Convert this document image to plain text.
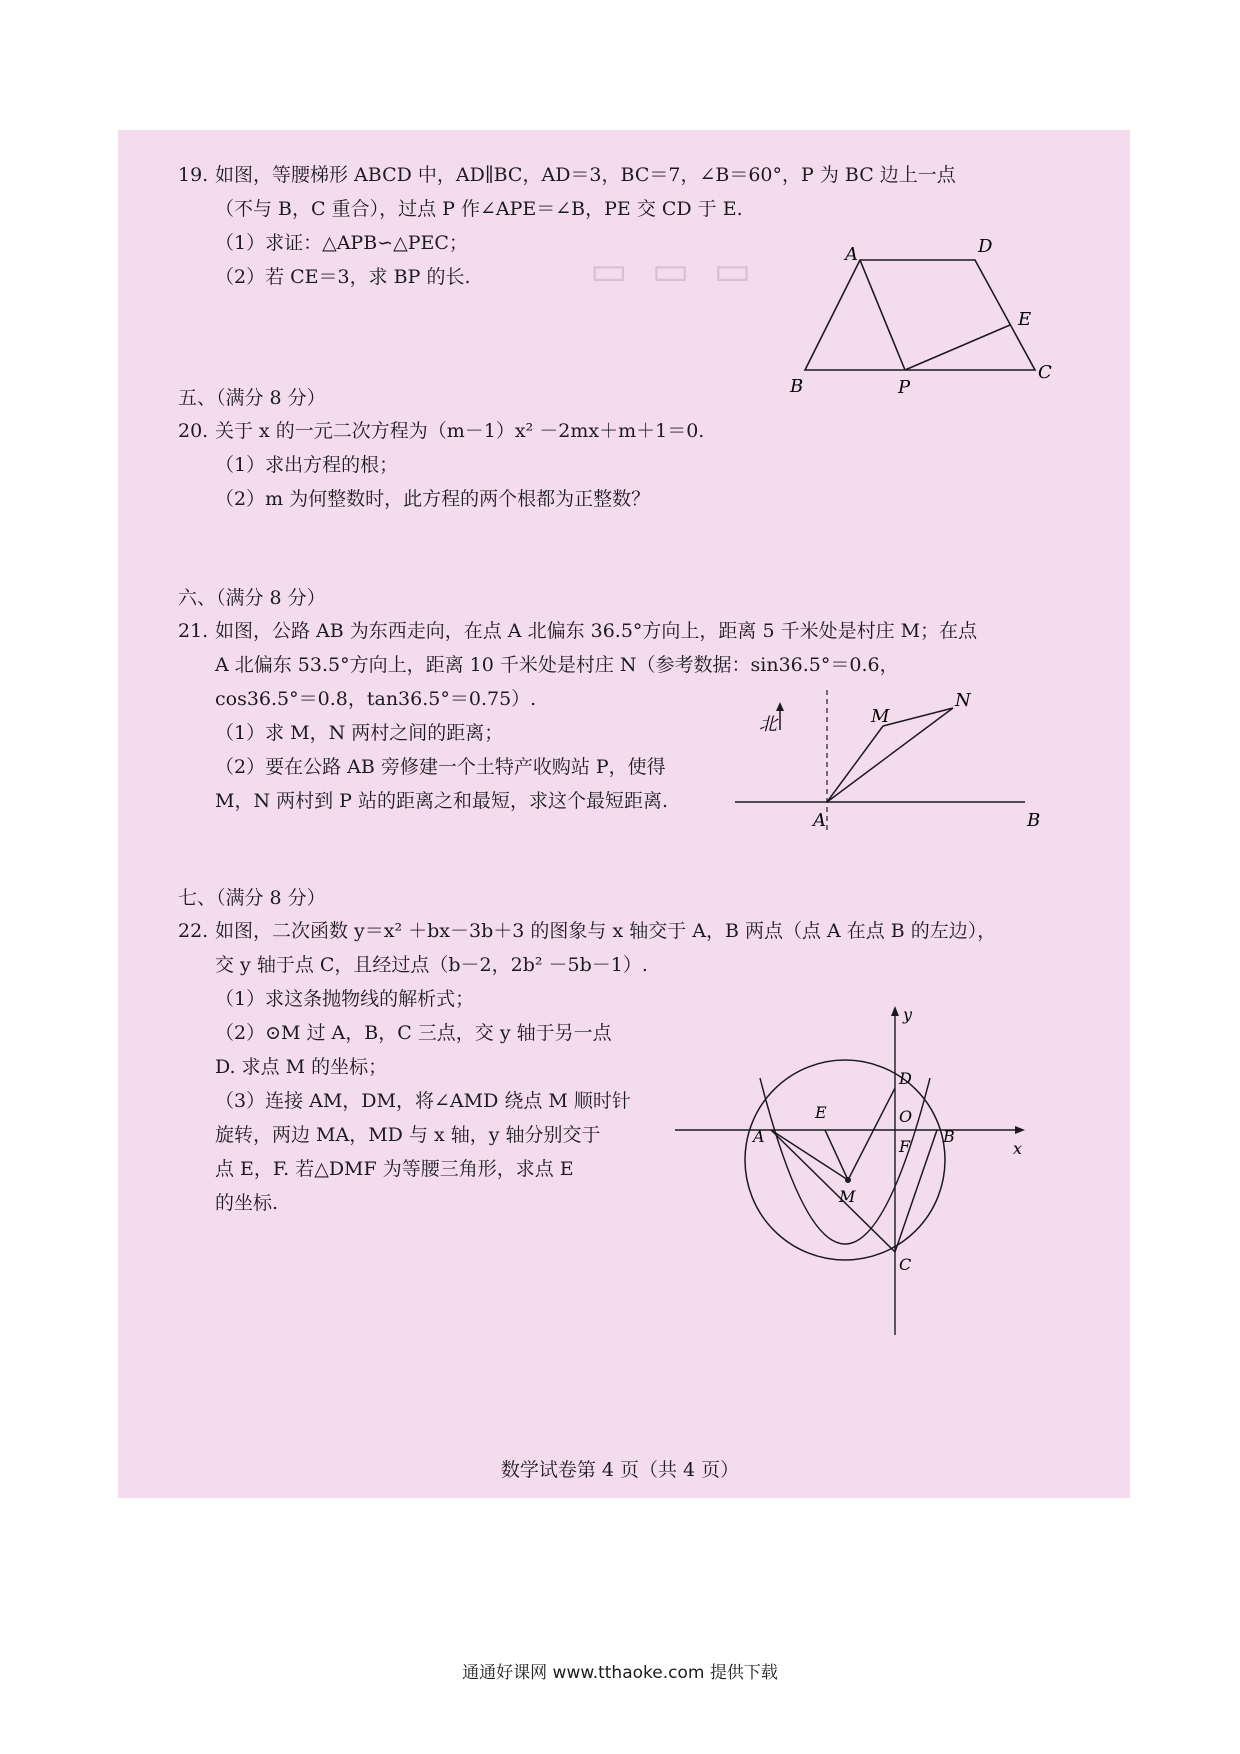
▭▭▭
19. 如图，等腰梯形 ABCD 中，AD∥BC，AD＝3，BC＝7，∠B＝60°，P 为 BC 边上一点
（不与 B，C 重合），过点 P 作∠APE＝∠B，PE 交 CD 于 E.
（1）求证：△APB∽△PEC；
（2）若 CE＝3，求 BP 的长.
A	D
E
B	P
C
五、（满分 8 分）
20. 关于 x 的一元二次方程为（m－1）x² －2mx＋m＋1＝0.
（1）求出方程的根；
（2）m 为何整数时，此方程的两个根都为正整数？
六、（满分 8 分）
21. 如图，公路 AB 为东西走向，在点 A 北偏东 36.5°方向上，距离 5 千米处是村庄 M；在点
A 北偏东 53.5°方向上，距离 10 千米处是村庄 N（参考数据：sin36.5°＝0.6，
cos36.5°＝0.8，tan36.5°＝0.75）.
（1）求 M，N 两村之间的距离；
（2）要在公路 AB 旁修建一个土特产收购站 P，使得
M，N 两村到 P 站的距离之和最短，求这个最短距离.
北	M
N
A	B
七、（满分 8 分）
22. 如图，二次函数 y＝x² ＋bx－3b＋3 的图象与 x 轴交于 A，B 两点（点 A 在点 B 的左边），
交 y 轴于点 C，且经过点（b－2，2b² －5b－1）.
（1）求这条抛物线的解析式；
（2）⊙M 过 A，B，C 三点，交 y 轴于另一点
D. 求点 M 的坐标；
（3）连接 AM，DM，将∠AMD 绕点 M 顺时针
旋转，两边 MA，MD 与 x 轴，y 轴分别交于
点 E，F. 若△DMF 为等腰三角形，求点 E
的坐标.
y
x
D
O
E
F
A	B
M
C
数学试卷第 4 页（共 4 页）
通通好课网 www.tthaoke.com 提供下载
